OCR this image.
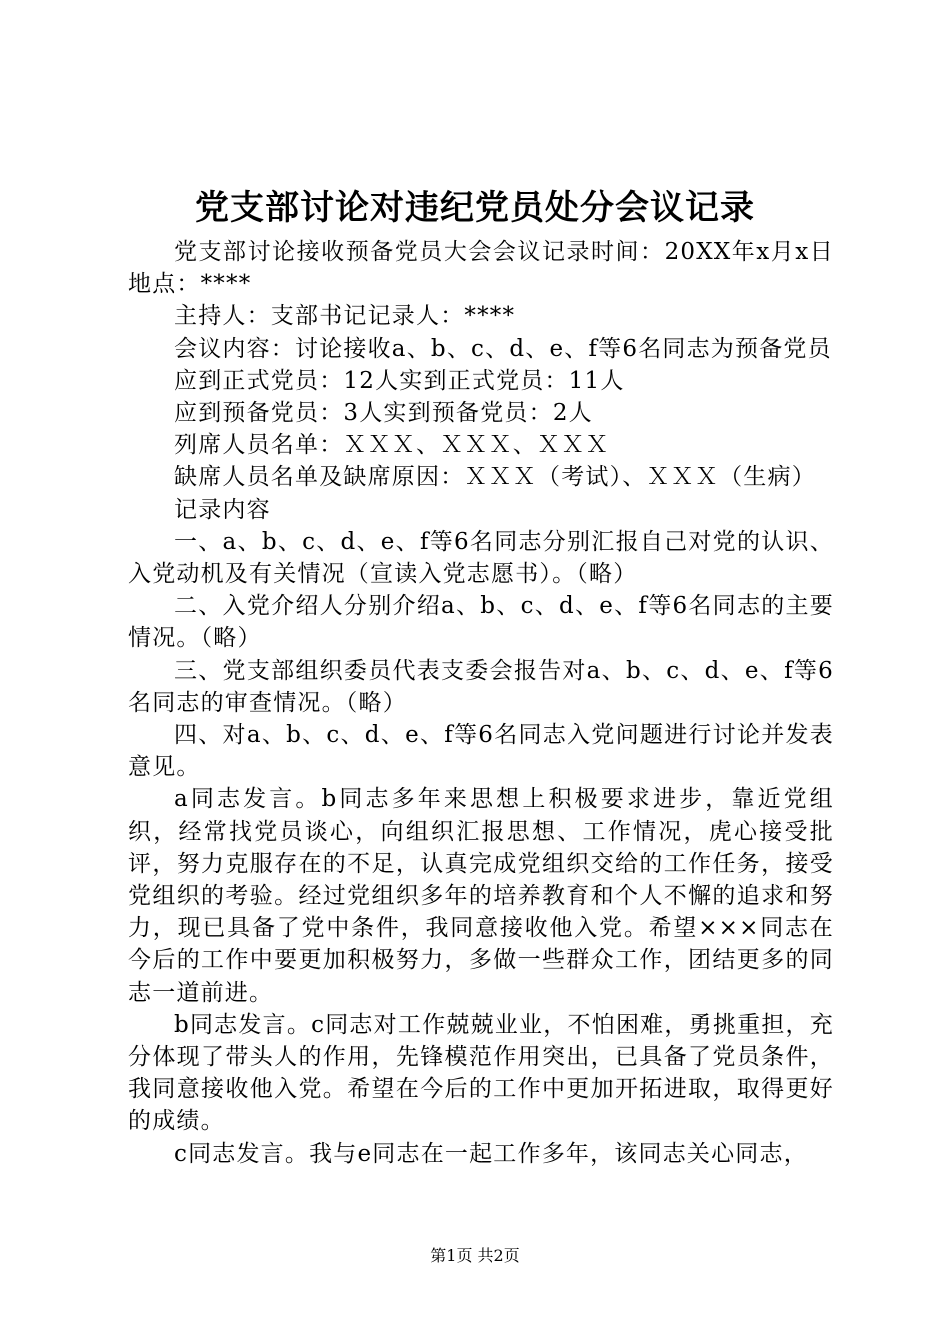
党支部讨论对违纪党员处分会议记录

党支部讨论接收预备党员大会会议记录时间：20XX年x月x日地点：****

主持人：支部书记记录人：****

会议内容：讨论接收a、b、c、d、e、f等6名同志为预备党员

应到正式党员：12人实到正式党员：11人

应到预备党员：3人实到预备党员：2人

列席人员名单：ＸＸＸ、ＸＸＸ、ＸＸＸ

缺席人员名单及缺席原因：ＸＸＸ（考试）、ＸＸＸ（生病）

记录内容

一、a、b、c、d、e、f等6名同志分别汇报自己对党的认识、入党动机及有关情况（宣读入党志愿书）。（略）

二、入党介绍人分别介绍a、b、c、d、e、f等6名同志的主要情况。（略）

三、党支部组织委员代表支委会报告对a、b、c、d、e、f等6名同志的审查情况。（略）

四、对a、b、c、d、e、f等6名同志入党问题进行讨论并发表意见。

a同志发言。b同志多年来思想上积极要求进步，靠近党组织，经常找党员谈心，向组织汇报思想、工作情况，虎心接受批评，努力克服存在的不足，认真完成党组织交给的工作任务，接受党组织的考验。经过党组织多年的培养教育和个人不懈的追求和努力，现已具备了党中条件，我同意接收他入党。希望×××同志在今后的工作中要更加积极努力，多做一些群众工作，团结更多的同志一道前进。

b同志发言。c同志对工作兢兢业业，不怕困难，勇挑重担，充分体现了带头人的作用，先锋模范作用突出，已具备了党员条件，我同意接收他入党。希望在今后的工作中更加开拓进取，取得更好的成绩。

c同志发言。我与e同志在一起工作多年，该同志关心同志，

第1页 共2页
